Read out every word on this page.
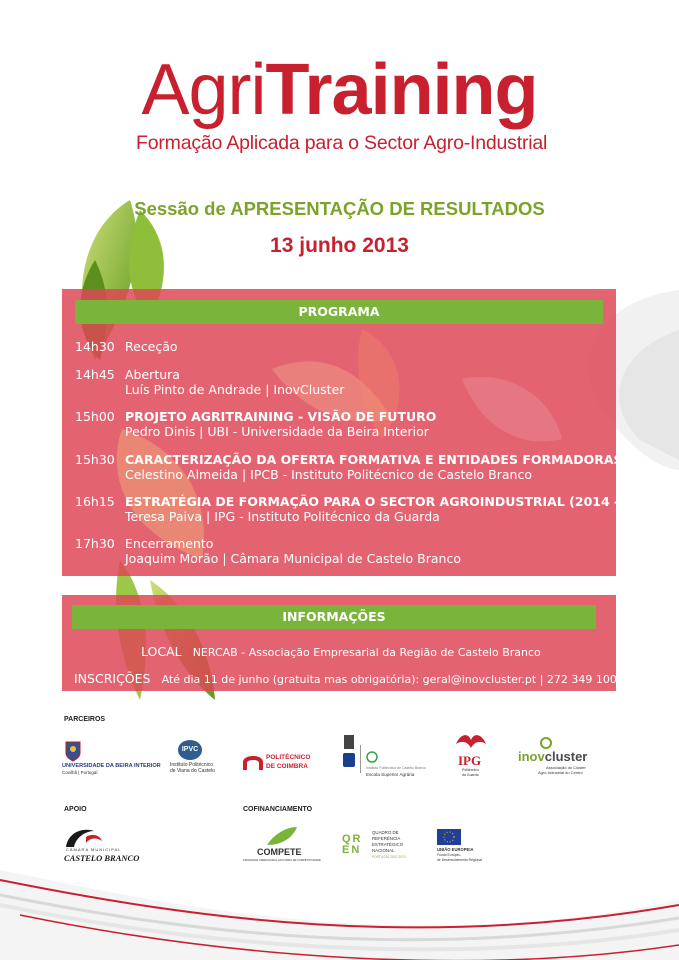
AgriTraining
Formação Aplicada para o Sector Agro-Industrial
Sessão de APRESENTAÇÃO DE RESULTADOS
13 junho 2013
PROGRAMA
14h30 Receção
14h45 Abertura
Luís Pinto de Andrade | InovCluster
15h00 PROJETO AGRITRAINING - VISÃO DE FUTURO
Pedro Dinis | UBI - Universidade da Beira Interior
15h30 CARACTERIZAÇÃO DA OFERTA FORMATIVA E ENTIDADES FORMADORAS
Celestino Almeida | IPCB - Instituto Politécnico de Castelo Branco
16h15 ESTRATÉGIA DE FORMAÇÃO PARA O SECTOR AGROINDUSTRIAL (2014 - 2020)
Teresa Paiva | IPG - Instituto Politécnico da Guarda
17h30 Encerramento
Joaquim Morão | Câmara Municipal de Castelo Branco
INFORMAÇÕES
LOCAL NERCAB - Associação Empresarial da Região de Castelo Branco
INSCRIÇÕES Até dia 11 de junho (gratuita mas obrigatória): geral@inovcluster.pt | 272 349 100
PARCEIROS
UNIVERSIDADE DA BEIRA INTERIOR
Covilhã | Portugal
IPVC
Instituto Politécnico
de Viana do Castelo
POLITÉCNICO
DE COIMBRA	Instituto Politécnico de Castelo Branco
Escola Superior Agrária
IPG
Politécnico
da Guarda
inovcluster
Associação do Cluster
Agro-Industrial do Centro
APOIO	COFINANCIAMENTO
CÂMARA MUNICIPAL
CASTELO BRANCO
COMPETE
PROGRAMA OPERACIONAL FACTORES DE COMPETITIVIDADE
QREN
QUADRO DE
REFERÊNCIA
ESTRATÉGICO
NACIONAL
PORTUGAL 2007-2013
UNIÃO EUROPEIA
Fundo Europeu
de Desenvolvimento Regional
